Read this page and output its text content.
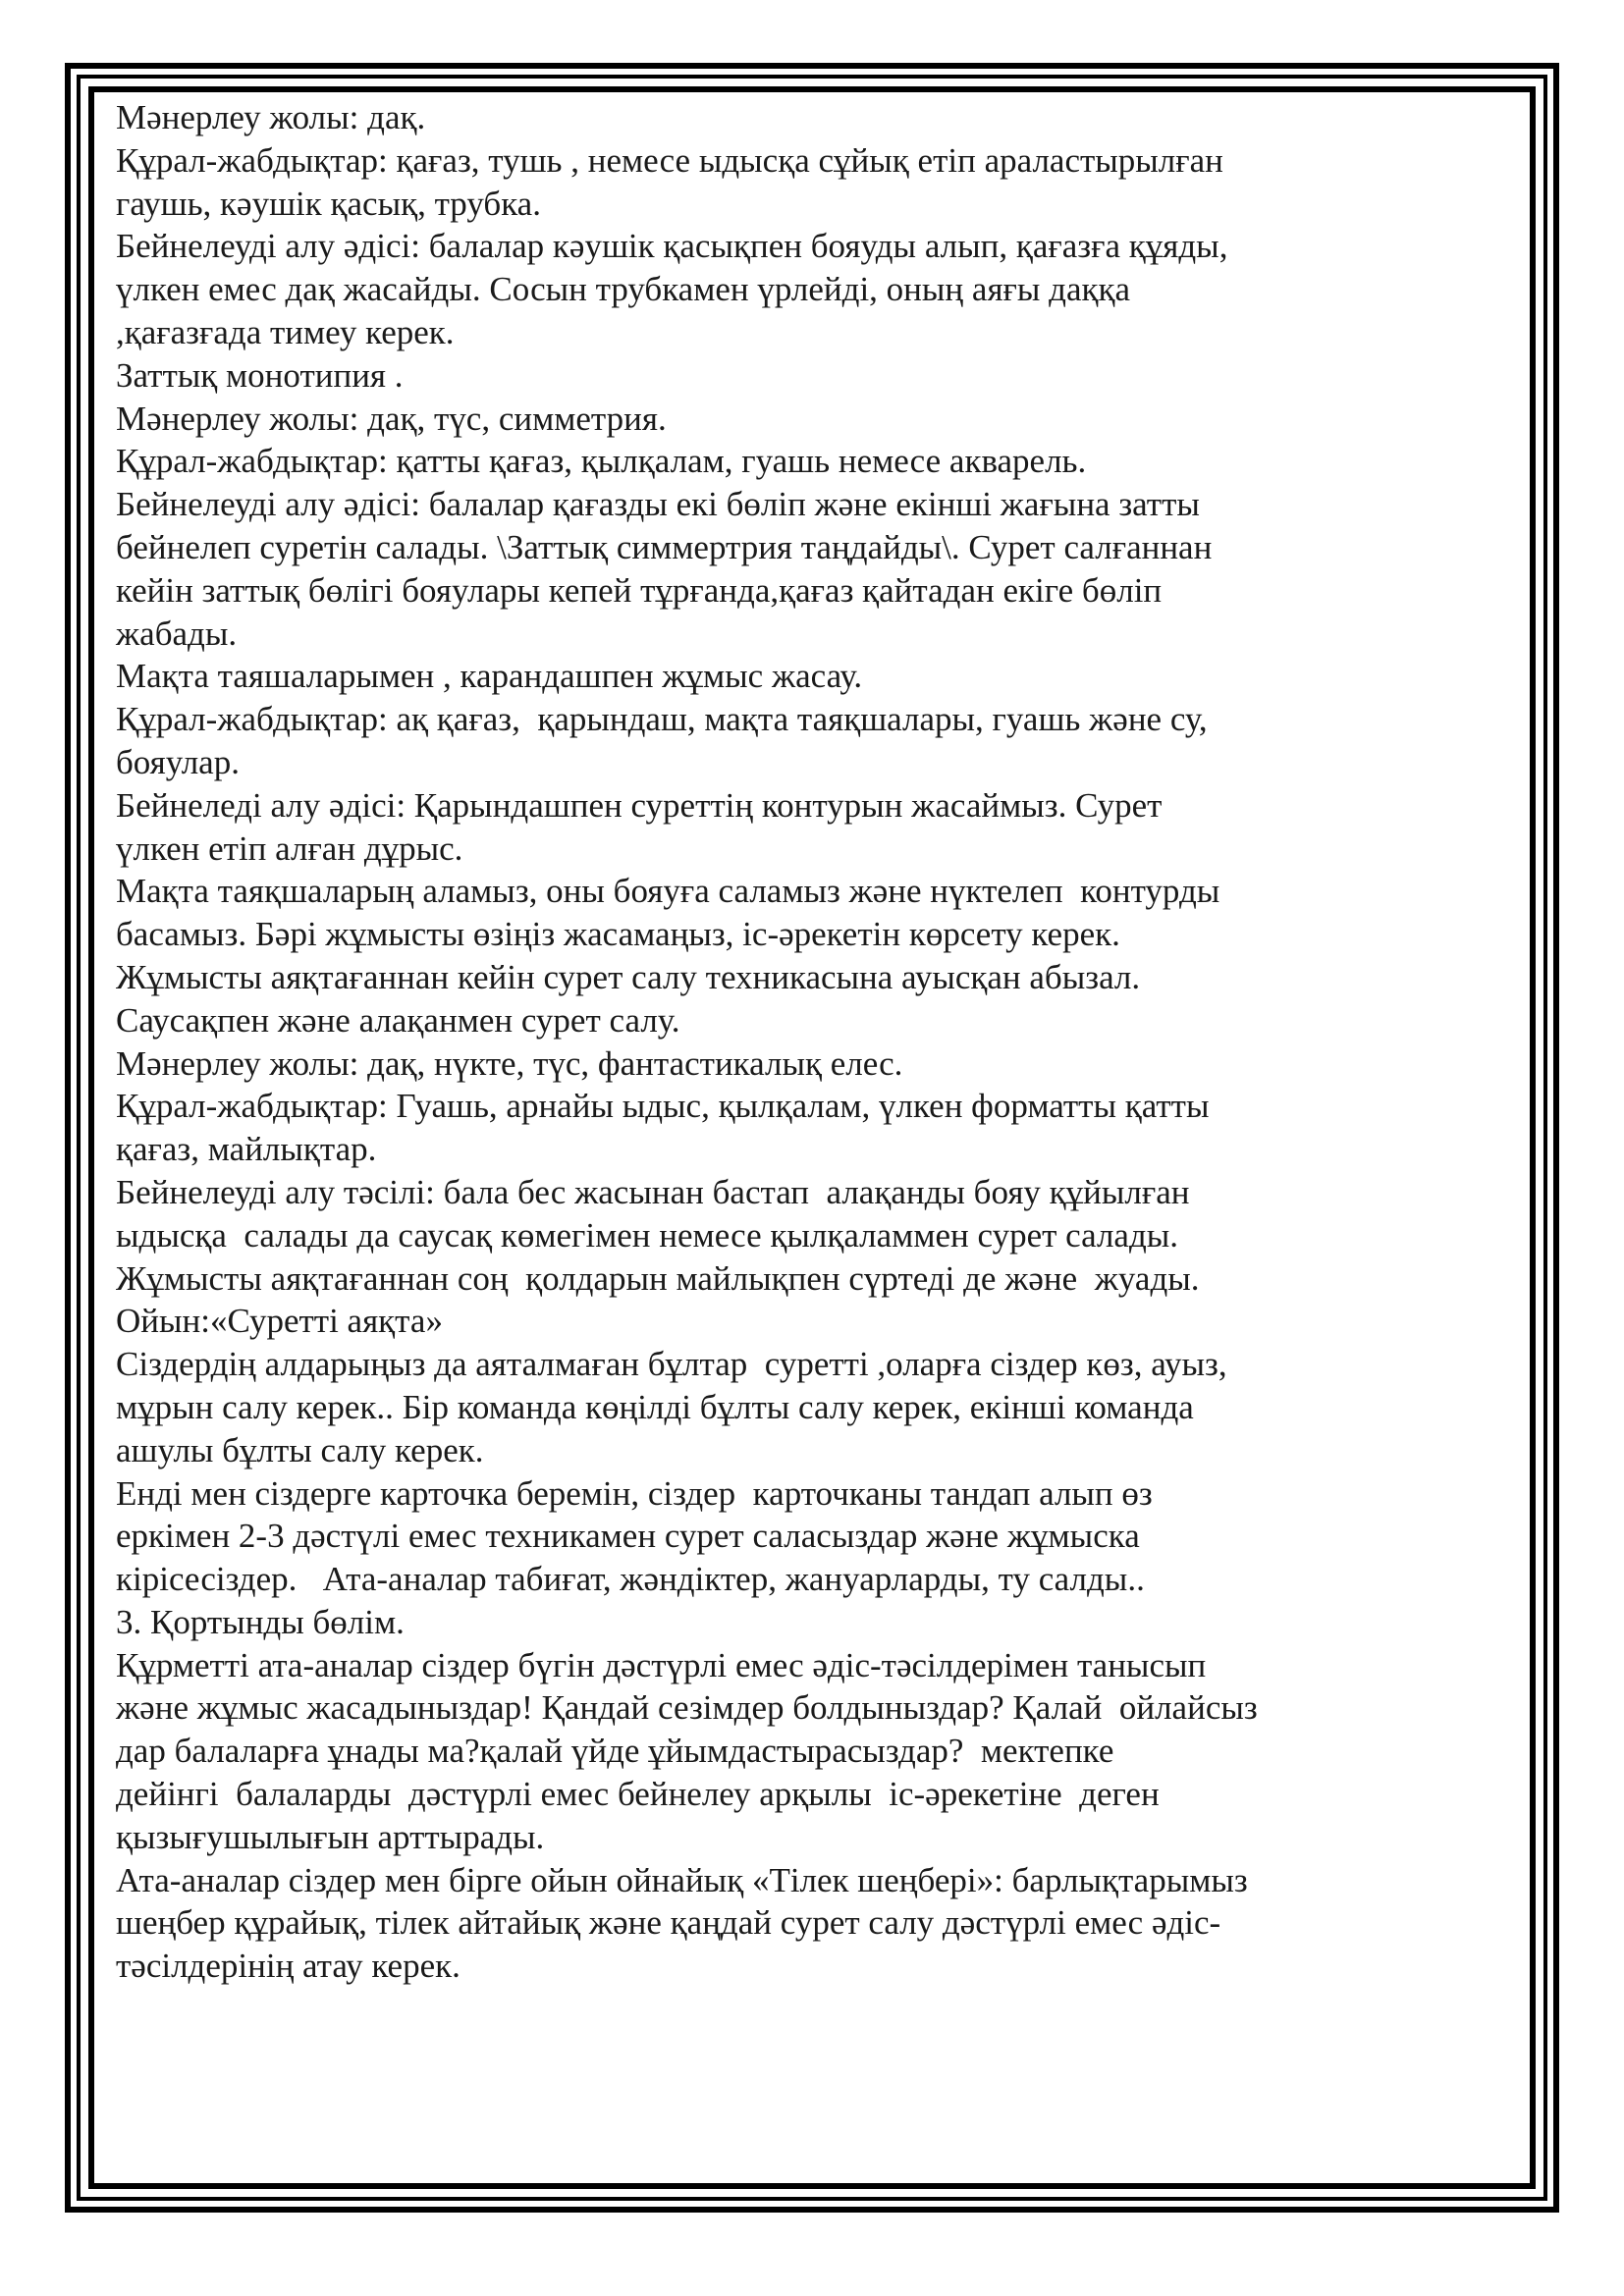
Мәнерлеу жолы: дақ.
Құрал-жабдықтар: қағаз, тушь , немесе ыдысқа сұйық етіп араластырылған
гаушь, кәушік қасық, трубка.
Бейнелеуді алу әдісі: балалар кәушік қасықпен бояуды алып, қағазға құяды,
үлкен емес дақ жасайды. Сосын трубкамен үрлейді, оның аяғы даққа
,қағазғада тимеу керек.
Заттық монотипия .
Мәнерлеу жолы: дақ, түс, симметрия.
Құрал-жабдықтар: қатты қағаз, қылқалам, гуашь немесе акварель.
Бейнелеуді алу әдісі: балалар қағазды екі бөліп және екінші жағына затты
бейнелеп суретін салады. \Заттық симмертрия таңдайды\. Сурет салғаннан
кейін заттық бөлігі бояулары кепей тұрғанда,қағаз қайтадан екіге бөліп
жабады.
Мақта таяшаларымен , карандашпен жұмыс жасау.
Құрал-жабдықтар: ақ қағаз,  қарындаш, мақта таяқшалары, гуашь және су,
бояулар.
Бейнеледі алу әдісі: Қарындашпен суреттің контурын жасаймыз. Сурет
үлкен етіп алған дұрыс.
Мақта таяқшаларың аламыз, оны бояуға саламыз және нүктелеп  контурды
басамыз. Бәрі жұмысты өзіңіз жасамаңыз, іс-әрекетін көрсету керек.
Жұмысты аяқтағаннан кейін сурет салу техникасына ауысқан абызал.
Саусақпен және алақанмен сурет салу.
Мәнерлеу жолы: дақ, нүкте, түс, фантастикалық елес.
Құрал-жабдықтар: Гуашь, арнайы ыдыс, қылқалам, үлкен форматты қатты
қағаз, майлықтар.
Бейнелеуді алу тәсілі: бала бес жасынан бастап  алақанды бояу құйылған
ыдысқа  салады да саусақ көмегімен немесе қылқаламмен сурет салады.
Жұмысты аяқтағаннан соң  қолдарын майлықпен сүртеді де және  жуады.
Ойын:«Суретті аяқта»
Сіздердің алдарыңыз да аяталмаған бұлтар  суретті ,оларға сіздер көз, ауыз,
мұрын салу керек.. Бір команда көңілді бұлты салу керек, екінші команда
ашулы бұлты салу керек.
Енді мен сіздерге карточка беремін, сіздер  карточканы тандап алып өз
еркімен 2-3 дәстүлі емес техникамен сурет саласыздар және жұмыска
кірісесіздер.   Ата-аналар табиғат, жәндіктер, жануарларды, ту салды..
3. Қортынды бөлім.
Құрметті ата-аналар сіздер бүгін дәстүрлі емес әдіс-тәсілдерімен танысып
және жұмыс жасадыныздар! Қандай сезімдер болдыныздар? Қалай  ойлайсыз
дар балаларға ұнады ма?қалай үйде ұйымдастырасыздар?  мектепке
дейінгі  балаларды  дәстүрлі емес бейнелеу арқылы  іс-әрекетіне  деген
қызығушылығын арттырады.
Ата-аналар сіздер мен бірге ойын ойнайық «Тілек шеңбері»: барлықтарымыз
шеңбер құрайық, тілек айтайық және қаңдай сурет салу дәстүрлі емес әдіс-
тәсілдерінің атау керек.
